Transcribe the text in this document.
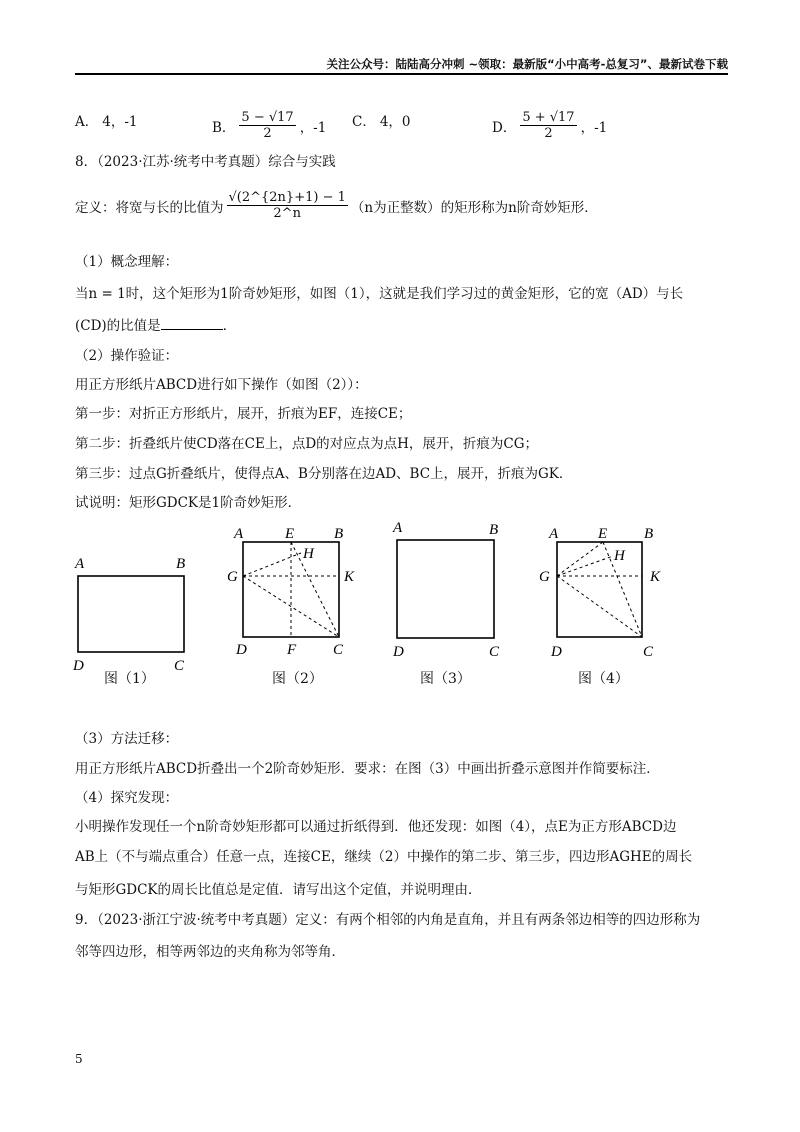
关注公众号：陆陆高分冲刺 ~领取：最新版“小中高考-总复习”、最新试卷下载
A． 4，-1	B． $\frac{5 - √17}{2}$ ，-1 C． 4，0	D． $\frac{5 + √17}{2}$ ，-1
8．（2023·江苏·统考中考真题）综合与实践
定义：将宽与长的比值为 $\frac{√(2\^{}\{2n\}+1) - 1}{2\^{}n} (n$为正整数）的矩形称为n阶奇妙矩形．
（1）概念理解：
当n = 1时，这个矩形为1阶奇妙矩形，如图（1），这就是我们学习过的黄金矩形，它的宽（AD）与长
(CD)的比值是	．
（2）操作验证：
用正方形纸片ABCD进行如下操作（如图（2））：
第一步：对折正方形纸片，展开，折痕为EF，连接CE；
第二步：折叠纸片使CD落在CE上，点D的对应点为点H，展开，折痕为CG；
第三步：过点G折叠纸片，使得点A、B分别落在边AD、BC上，展开，折痕为GK．
试说明：矩形GDCK是1阶奇妙矩形．
A	B
D	C
A	E	B
H
G	K
D	F C
A	B
D	C
A	E B
H
G	K
D	C
图（1）	图（2）	图（3）	图（4）
（3）方法迁移：
用正方形纸片ABCD折叠出一个2阶奇妙矩形．要求：在图（3）中画出折叠示意图并作简要标注．
（4）探究发现：
小明操作发现任一个n阶奇妙矩形都可以通过折纸得到．他还发现：如图（4），点E为正方形ABCD边
AB上（不与端点重合）任意一点，连接CE，继续（2）中操作的第二步、第三步，四边形AGHE的周长
与矩形GDCK的周长比值总是定值．请写出这个定值，并说明理由．
9．（2023·浙江宁波·统考中考真题）定义：有两个相邻的内角是直角，并且有两条邻边相等的四边形称为
邻等四边形，相等两邻边的夹角称为邻等角．
5
